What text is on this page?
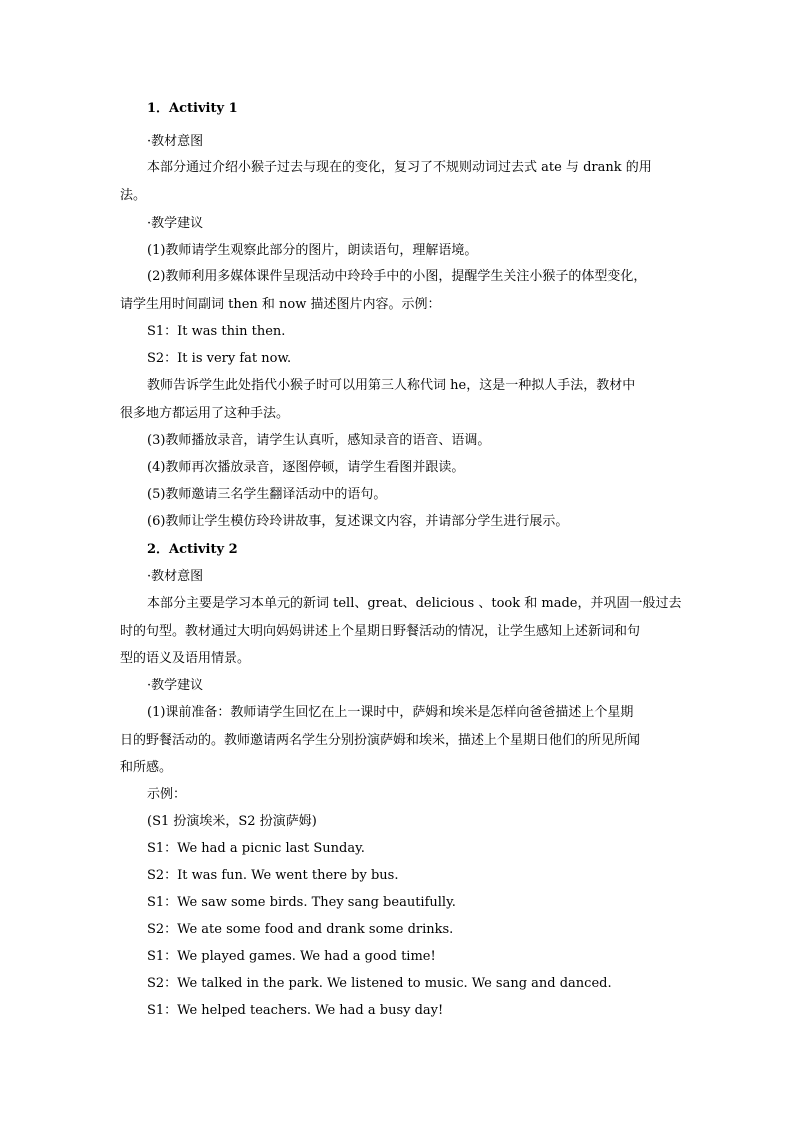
1．Activity 1
·教材意图
本部分通过介绍小猴子过去与现在的变化，复习了不规则动词过去式 ate 与 drank 的用
法。
·教学建议
(1)教师请学生观察此部分的图片，朗读语句，理解语境。
(2)教师利用多媒体课件呈现活动中玲玲手中的小图，提醒学生关注小猴子的体型变化，
请学生用时间副词 then 和 now 描述图片内容。示例：
S1：It was thin then.
S2：It is very fat now.
教师告诉学生此处指代小猴子时可以用第三人称代词 he，这是一种拟人手法，教材中
很多地方都运用了这种手法。
(3)教师播放录音，请学生认真听，感知录音的语音、语调。
(4)教师再次播放录音，逐图停顿，请学生看图并跟读。
(5)教师邀请三名学生翻译活动中的语句。
(6)教师让学生模仿玲玲讲故事，复述课文内容，并请部分学生进行展示。
2．Activity 2
·教材意图
本部分主要是学习本单元的新词 tell、great、delicious 、took 和 made，并巩固一般过去
时的句型。教材通过大明向妈妈讲述上个星期日野餐活动的情况，让学生感知上述新词和句
型的语义及语用情景。
·教学建议
(1)课前准备：教师请学生回忆在上一课时中，萨姆和埃米是怎样向爸爸描述上个星期
日的野餐活动的。教师邀请两名学生分别扮演萨姆和埃米，描述上个星期日他们的所见所闻
和所感。
示例：
(S1 扮演埃米，S2 扮演萨姆)
S1：We had a picnic last Sunday.
S2：It was fun. We went there by bus.
S1：We saw some birds. They sang beautifully.
S2：We ate some food and drank some drinks.
S1：We played games. We had a good time!
S2：We talked in the park. We listened to music. We sang and danced.
S1：We helped teachers. We had a busy day!
